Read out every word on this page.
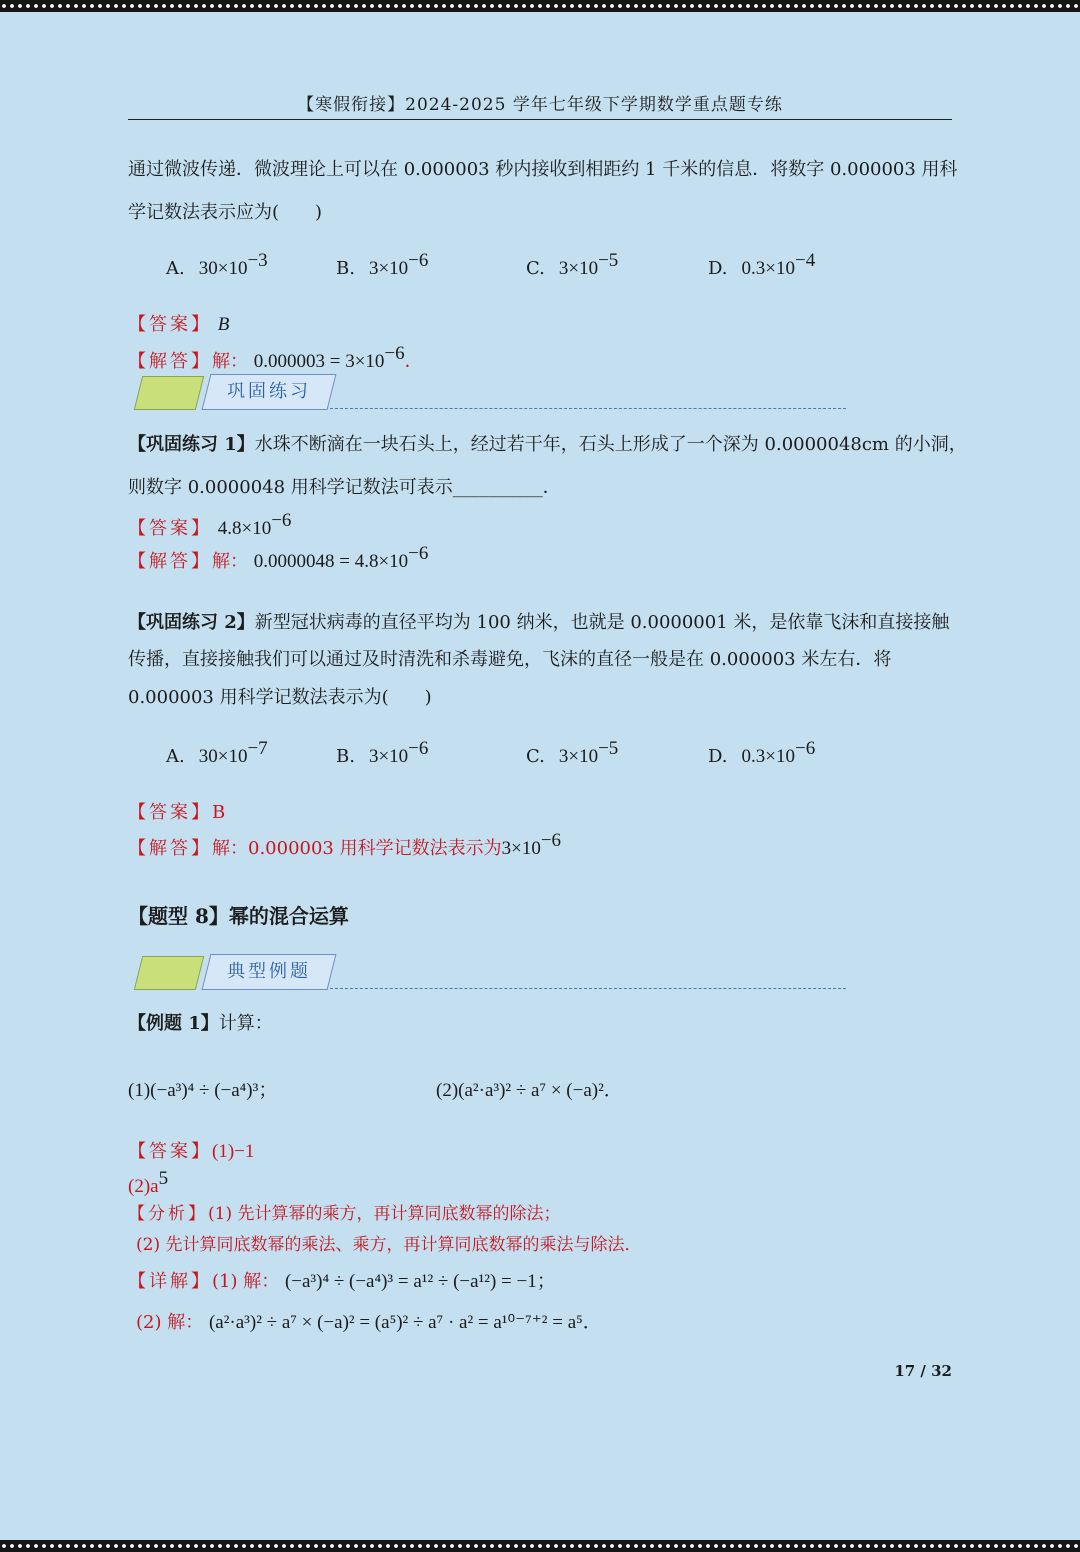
【寒假衔接】2024-2025 学年七年级下学期数学重点题专练
通过微波传递．微波理论上可以在 0.000003 秒内接收到相距约 1 千米的信息．将数字 0.000003 用科
学记数法表示应为(　　)
A. $30\times 10^{-3}$	B. $3\times 10^{-6}$	C. $3\times 10^{-5}$	D. $0.3\times 10^{-4}$
【答案】 B
【解答】解： $0.000003 = 3\times 10^{-6}$．
巩固练习
【巩固练习 1】水珠不断滴在一块石头上，经过若干年，石头上形成了一个深为 0.0000048cm 的小洞，
则数字 0.0000048 用科学记数法可表示__________．
【答案】 $4.8\times 10^{-6}$
【解答】解： $0.0000048 = 4.8\times 10^{-6}$
【巩固练习 2】新型冠状病毒的直径平均为 100 纳米，也就是 0.0000001 米，是依靠飞沫和直接接触
传播，直接接触我们可以通过及时清洗和杀毒避免，飞沫的直径一般是在 0.000003 米左右．将
0.000003 用科学记数法表示为(　　)
A. $30\times 10^{-7}$	B. $3\times 10^{-6}$	C. $3\times 10^{-5}$	D. $0.3\times 10^{-6}$
【答案】B
【解答】解：0.000003 用科学记数法表示为$3\times 10^{-6}$
【题型 8】幂的混合运算
典型例题
【例题 1】计算：
(1)(−a³)⁴ ÷ (−a⁴)³；	(2)(a²·a³)² ÷ a⁷ × (−a)²．
【答案】(1)−1
$(2)a^5$
【分析】(1) 先计算幂的乘方，再计算同底数幂的除法；
(2) 先计算同底数幂的乘法、乘方，再计算同底数幂的乘法与除法．
【详解】(1) 解： (−a³)⁴ ÷ (−a⁴)³ = a¹² ÷ (−a¹²) = −1；
(2) 解： (a²·a³)² ÷ a⁷ × (−a)² = (a⁵)² ÷ a⁷ · a² = a¹⁰⁻⁷⁺² = a⁵．
17 / 32
